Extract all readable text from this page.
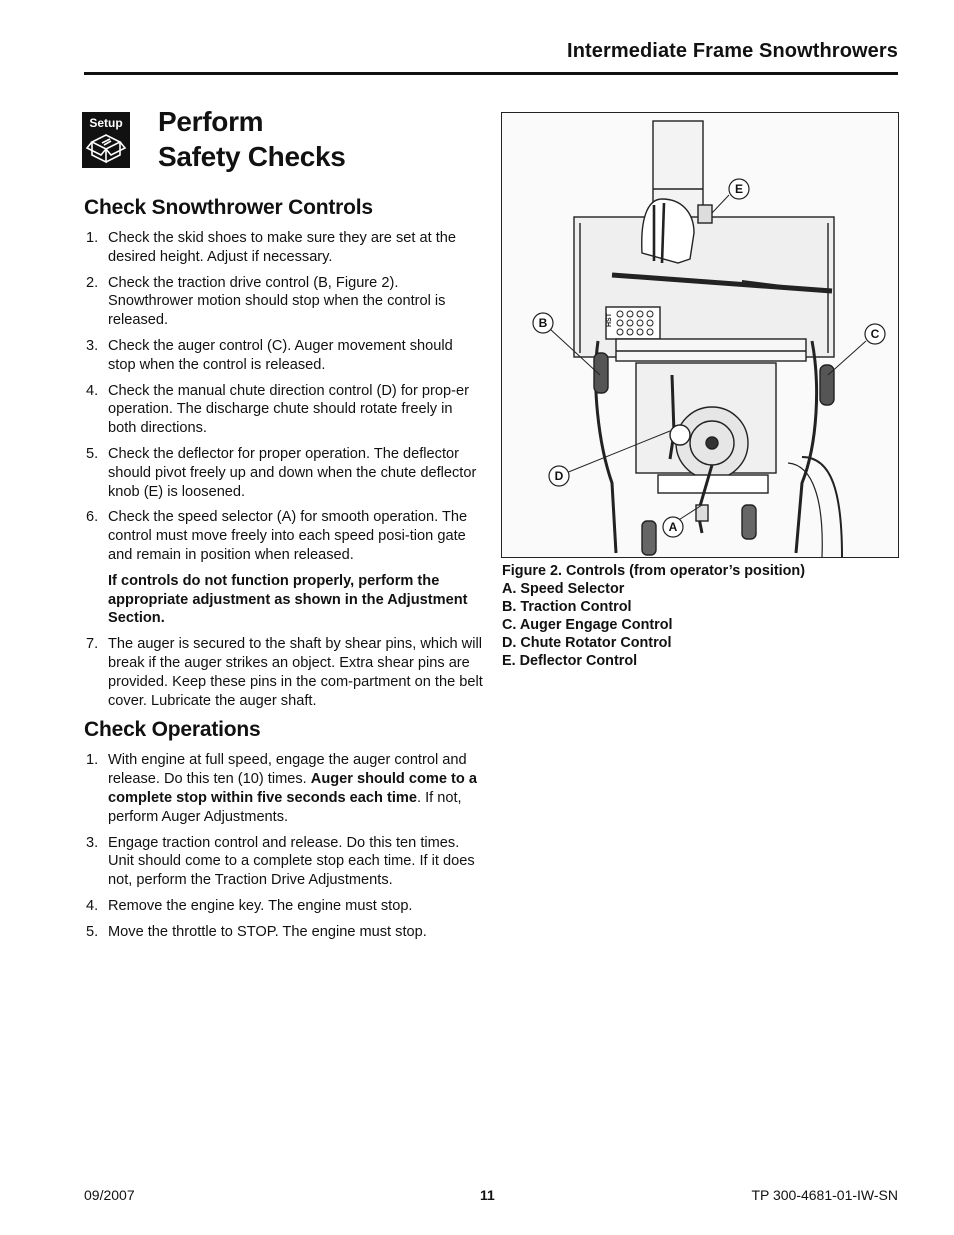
Intermediate Frame Snowthrowers
Setup Perform
Safety Checks
Check Snowthrower Controls
1. Check the skid shoes to make sure they are set at the desired height. Adjust if necessary.
2. Check the traction drive control (B, Figure 2). Snowthrower motion should stop when the control is released.
3. Check the auger control (C). Auger movement should stop when the control is released.
4. Check the manual chute direction control (D) for prop-er operation. The discharge chute should rotate freely in both directions.
5. Check the deflector for proper operation. The deflector should pivot freely up and down when the chute deflector knob (E) is loosened.
6. Check the speed selector (A) for smooth operation. The control must move freely into each speed posi-tion gate and remain in position when released.

If controls do not function properly, perform the appropriate adjustment as shown in the Adjustment Section.

7. The auger is secured to the shaft by shear pins, which will break if the auger strikes an object. Extra shear pins are provided. Keep these pins in the com-partment on the belt cover. Lubricate the auger shaft.
Check Operations
1. With engine at full speed, engage the auger control and release. Do this ten (10) times. Auger should come to a complete stop within five seconds each time. If not, perform Auger Adjustments.
3. Engage traction control and release. Do this ten times. Unit should come to a complete stop each time. If it does not, perform the Traction Drive Adjustments.
4. Remove the engine key. The engine must stop.
5. Move the throttle to STOP. The engine must stop.
HST
E
B
C
D
A
Figure 2. Controls (from operator’s position)
A. Speed Selector
B. Traction Control
C. Auger Engage Control
D. Chute Rotator Control
E. Deflector Control
09/2007	11	TP 300-4681-01-IW-SN
